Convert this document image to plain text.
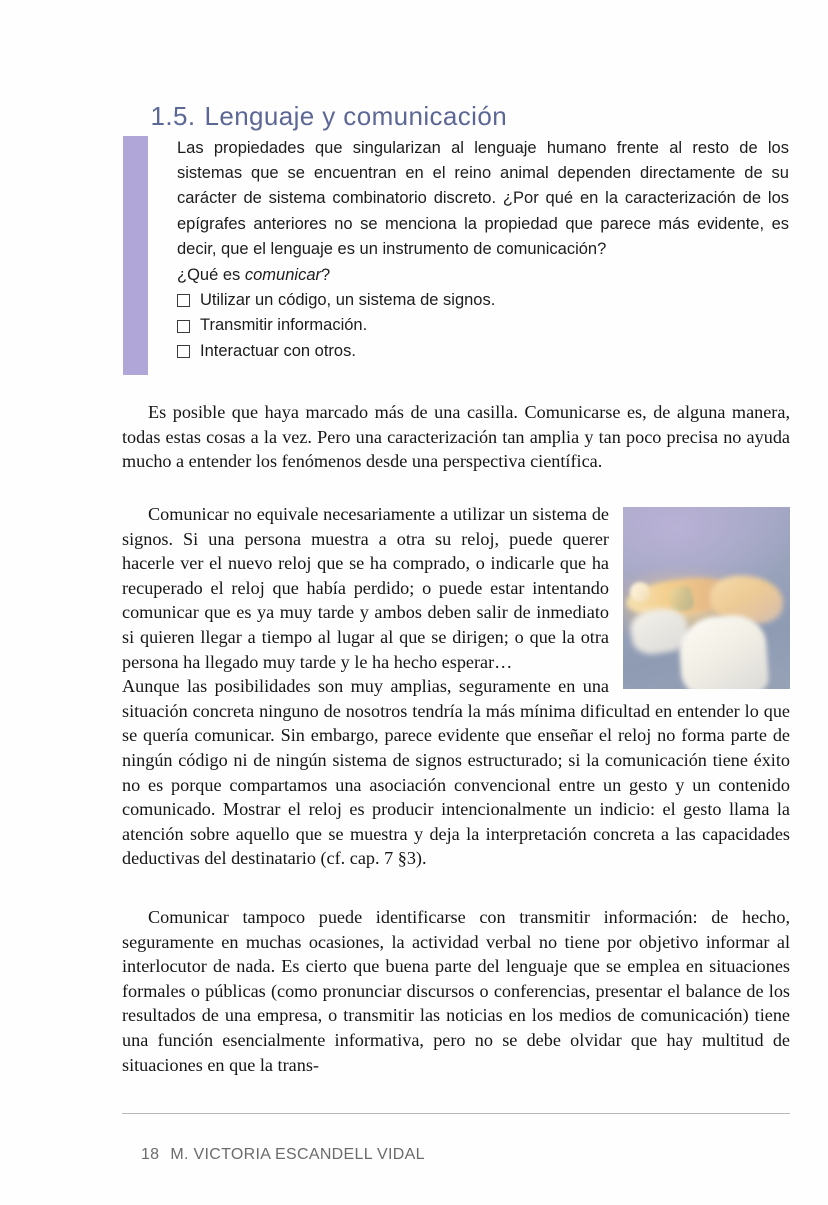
1.5. Lenguaje y comunicación

Las propiedades que singularizan al lenguaje humano frente al resto de los sistemas que se encuentran en el reino animal dependen directamente de su carácter de sistema combinatorio discreto. ¿Por qué en la caracterización de los epígrafes anteriores no se menciona la propiedad que parece más evidente, es decir, que el lenguaje es un instrumento de comunicación?

¿Qué es comunicar?

Utilizar un código, un sistema de signos.
Transmitir información.
Interactuar con otros.

Es posible que haya marcado más de una casilla. Comunicarse es, de alguna manera, todas estas cosas a la vez. Pero una caracterización tan amplia y tan poco precisa no ayuda mucho a entender los fenómenos desde una perspectiva científica.

Comunicar no equivale necesariamente a utilizar un sistema de signos. Si una persona muestra a otra su reloj, puede querer hacerle ver el nuevo reloj que se ha comprado, o indicarle que ha recuperado el reloj que había perdido; o puede estar intentando comunicar que es ya muy tarde y ambos deben salir de inmediato si quieren llegar a tiempo al lugar al que se dirigen; o que la otra persona ha llegado muy tarde y le ha hecho esperar…

Aunque las posibilidades son muy amplias, seguramente en una situación concreta ninguno de nosotros tendría la más mínima dificultad en entender lo que se quería comunicar. Sin embargo, parece evidente que enseñar el reloj no forma parte de ningún código ni de ningún sistema de signos estructurado; si la comunicación tiene éxito no es porque compartamos una asociación convencional entre un gesto y un contenido comunicado. Mostrar el reloj es producir intencionalmente un indicio: el gesto llama la atención sobre aquello que se muestra y deja la interpretación concreta a las capacidades deductivas del destinatario (cf. cap. 7 §3).

Comunicar tampoco puede identificarse con transmitir información: de hecho, seguramente en muchas ocasiones, la actividad verbal no tiene por objetivo informar al interlocutor de nada. Es cierto que buena parte del lenguaje que se emplea en situaciones formales o públicas (como pronunciar discursos o conferencias, presentar el balance de los resultados de una empresa, o transmitir las noticias en los medios de comunicación) tiene una función esencialmente informativa, pero no se debe olvidar que hay multitud de situaciones en que la trans-

18 M. VICTORIA ESCANDELL VIDAL
